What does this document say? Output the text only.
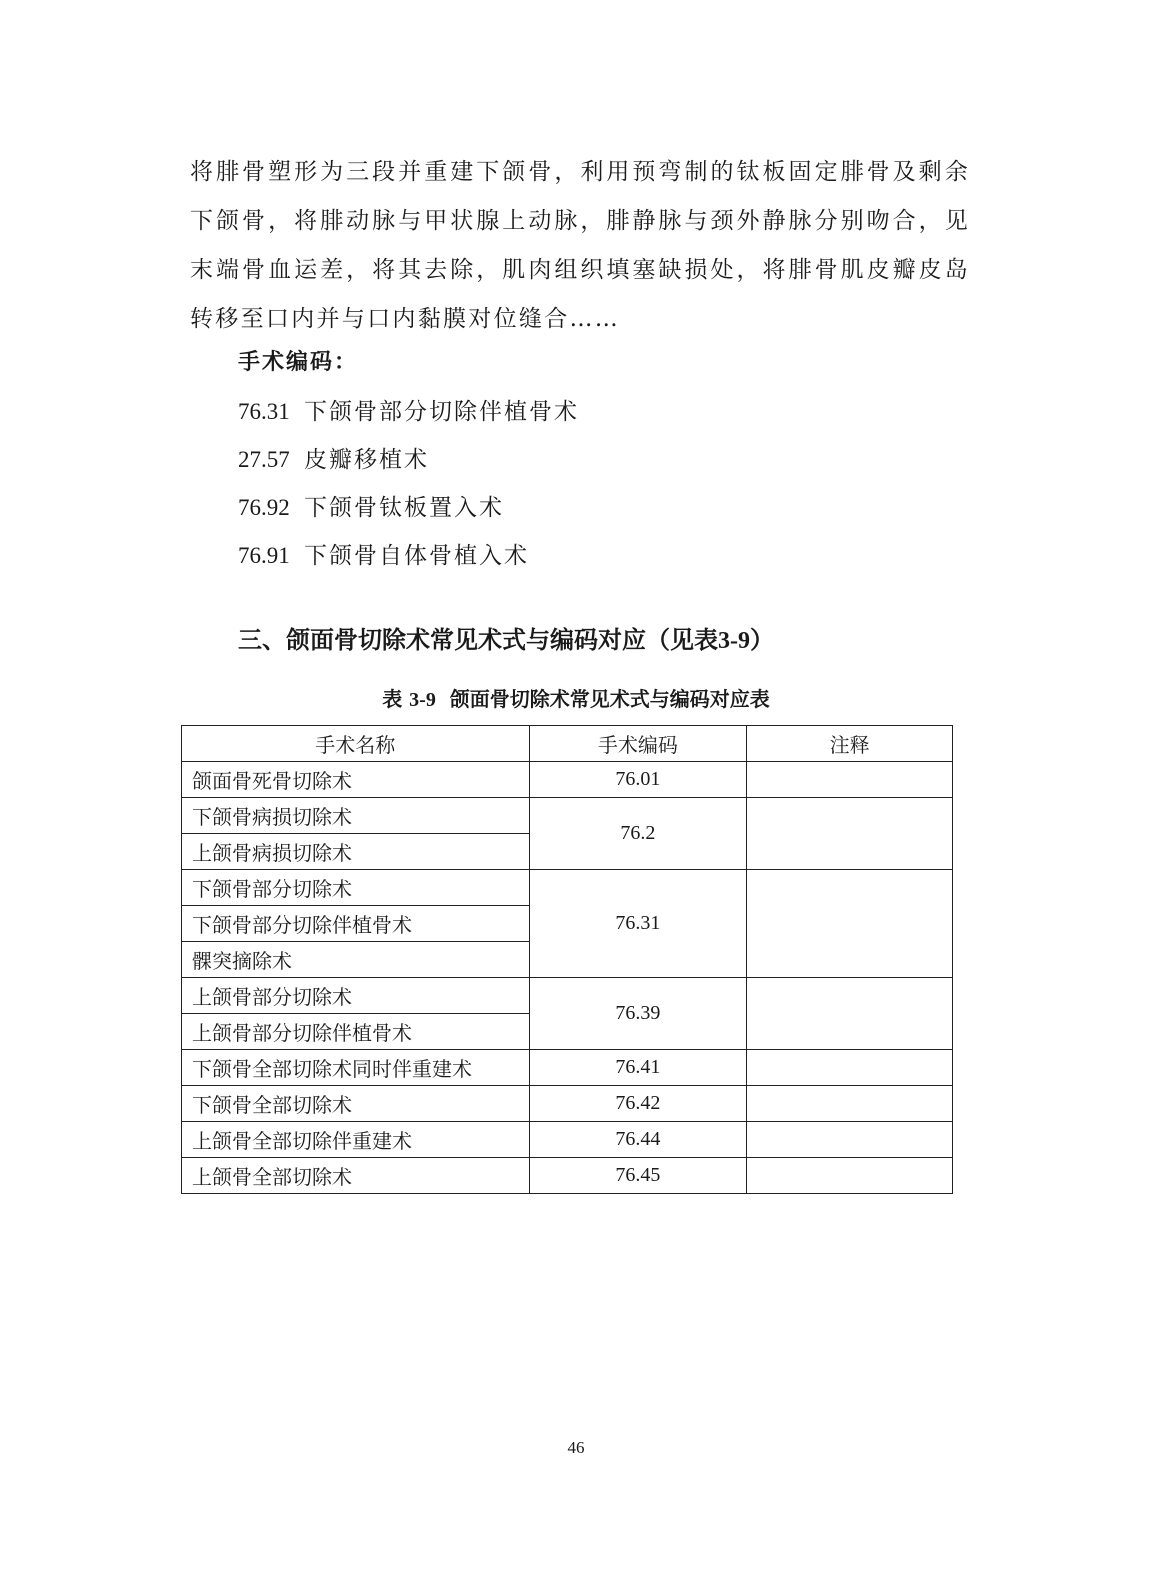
将腓骨塑形为三段并重建下颌骨，利用预弯制的钛板固定腓骨及剩余下颌骨，将腓动脉与甲状腺上动脉，腓静脉与颈外静脉分别吻合，见末端骨血运差，将其去除，肌肉组织填塞缺损处，将腓骨肌皮瓣皮岛转移至口内并与口内黏膜对位缝合……

手术编码：

76.31 下颌骨部分切除伴植骨术
27.57 皮瓣移植术
76.92 下颌骨钛板置入术
76.91 下颌骨自体骨植入术
三、颌面骨切除术常见术式与编码对应（见表3-9）

表 3-9 颌面骨切除术常见术式与编码对应表

手术名称	手术编码	注释
颌面骨死骨切除术	76.01	
下颌骨病损切除术	76.2	
上颌骨病损切除术		
下颌骨部分切除术	76.31	
下颌骨部分切除伴植骨术		
髁突摘除术		
上颌骨部分切除术	76.39	
上颌骨部分切除伴植骨术		
下颌骨全部切除术同时伴重建术	76.41	
下颌骨全部切除术	76.42	
上颌骨全部切除伴重建术	76.44	
上颌骨全部切除术	76.45	

46
